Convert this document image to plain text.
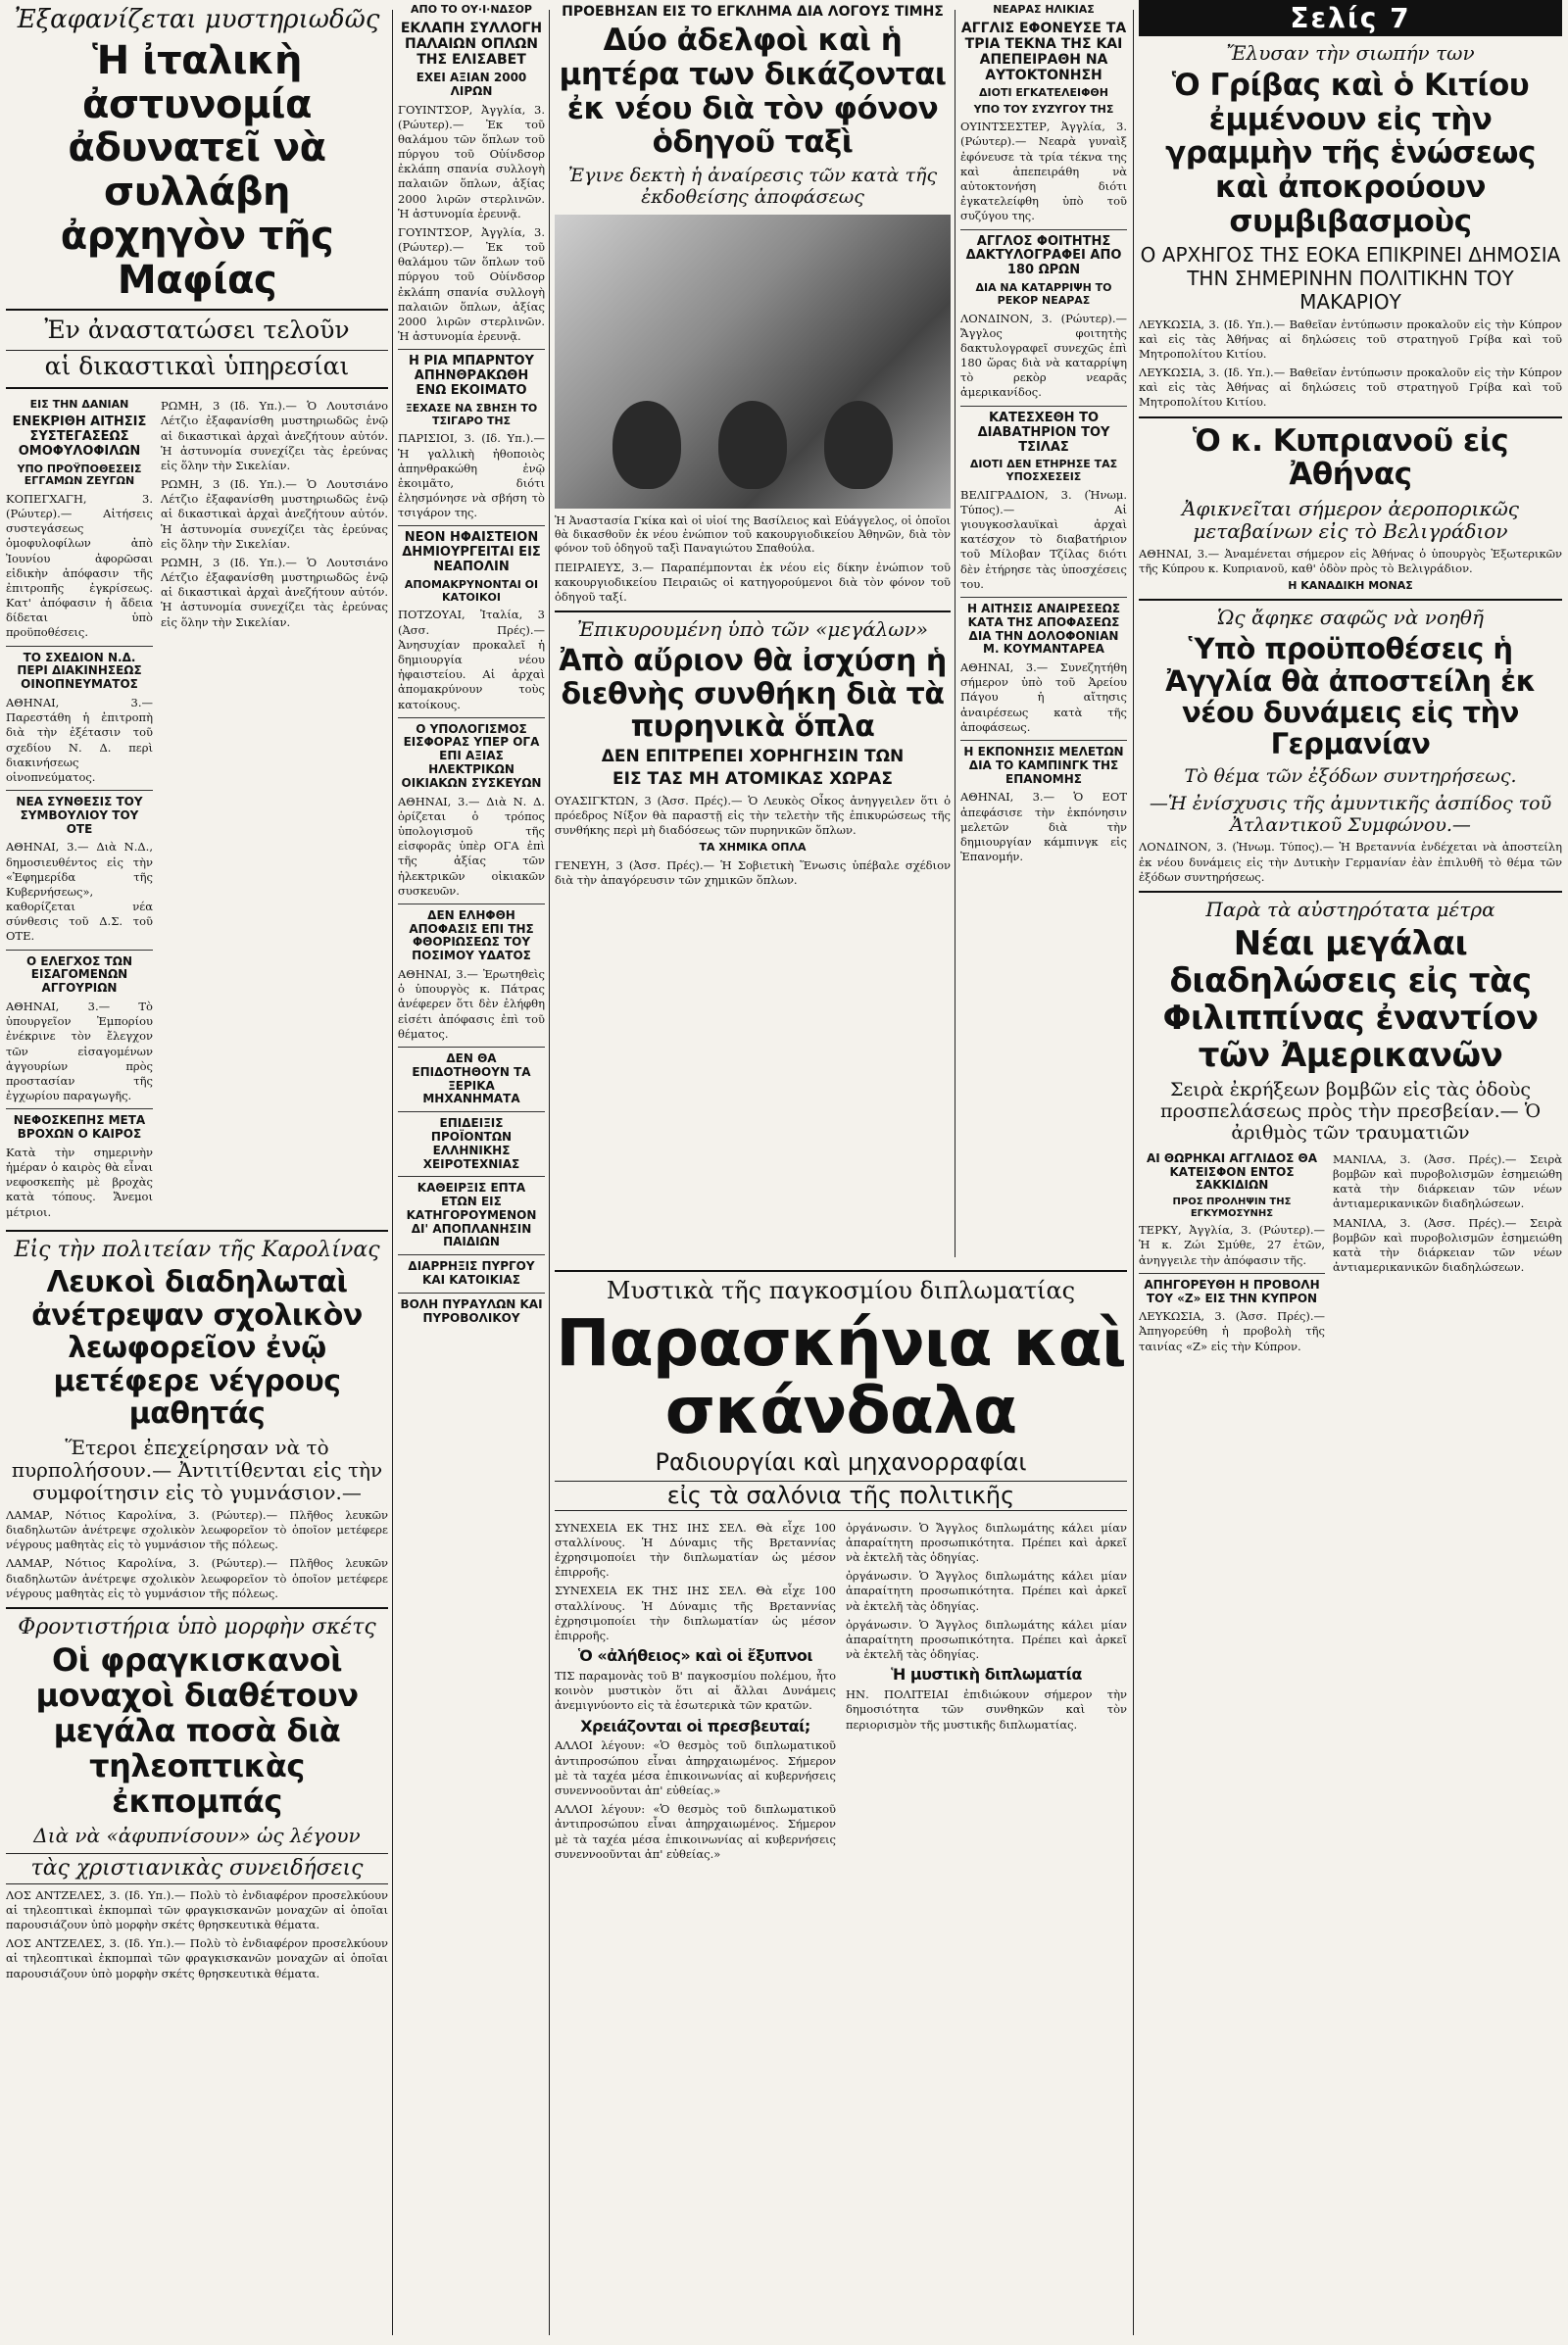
Ἐξαφανίζεται μυστηριωδῶς
Ἡ ἰταλικὴ ἀστυνομία ἀδυνατεῖ νὰ συλλάβη ἀρχηγὸν τῆς Μαφίας
Ἐν ἀναστατώσει τελοῦν
αἱ δικαστικαὶ ὑπηρεσίαι
ΕΙΣ ΤΗΝ ΔΑΝΙΑΝ
ΕΝΕΚΡΙΘΗ ΑΙΤΗΣΙΣ ΣΥΣΤΕΓΑΣΕΩΣ ΟΜΟΦΥΛΟΦΙΛΩΝ
ΥΠΟ ΠΡΟΫΠΟΘΕΣΕΙΣ ΕΓΓΑΜΩΝ ΖΕΥΓΩΝ
ΚΟΠΕΓΧΑΓΗ, 3. (Ρώυτερ).— Αἰτήσεις συστεγάσεως ὁμοφυλοφίλων ἀπὸ Ἰουνίου ἀφορῶσαι εἰδικὴν ἀπόφασιν τῆς ἐπιτροπῆς ἐγκρίσεως. Κατ' ἀπόφασιν ἡ ἄδεια δίδεται ὑπὸ προϋποθέσεις.
ΤΟ ΣΧΕΔΙΟΝ Ν.Δ. ΠΕΡΙ ΔΙΑΚΙΝΗΣΕΩΣ ΟΙΝΟΠΝΕΥΜΑΤΟΣ
ΑΘΗΝΑΙ, 3.— Παρεστάθη ἡ ἐπιτροπὴ διὰ τὴν ἐξέτασιν τοῦ σχεδίου Ν. Δ. περὶ διακινήσεως οἰνοπνεύματος.
ΝΕΑ ΣΥΝΘΕΣΙΣ ΤΟΥ ΣΥΜΒΟΥΛΙΟΥ ΤΟΥ ΟΤΕ
ΑΘΗΝΑΙ, 3.— Διὰ Ν.Δ., δημοσιευθέντος εἰς τὴν «Ἐφημερίδα τῆς Κυβερνήσεως», καθορίζεται νέα σύνθεσις τοῦ Δ.Σ. τοῦ ΟΤΕ.
Ο ΕΛΕΓΧΟΣ ΤΩΝ ΕΙΣΑΓΟΜΕΝΩΝ ΑΓΓΟΥΡΙΩΝ
ΑΘΗΝΑΙ, 3.— Τὸ ὑπουργεῖον Ἐμπορίου ἐνέκρινε τὸν ἔλεγχον τῶν εἰσαγομένων ἀγγουρίων πρὸς προστασίαν τῆς ἐγχωρίου παραγωγῆς.
ΝΕΦΟΣΚΕΠΗΣ ΜΕΤΑ ΒΡΟΧΩΝ Ο ΚΑΙΡΟΣ
Κατὰ τὴν σημερινὴν ἡμέραν ὁ καιρὸς θὰ εἶναι νεφοσκεπὴς μὲ βροχὰς κατὰ τόπους. Ἄνεμοι μέτριοι.
ΡΩΜΗ, 3 (Ιδ. Υπ.).— Ὁ Λουτσιάνο Λέτζιο ἐξαφανίσθη μυστηριωδῶς ἐνῷ αἱ δικαστικαὶ ἀρχαὶ ἀνεζήτουν αὐτόν. Ἡ ἀστυνομία συνεχίζει τὰς ἐρεύνας εἰς ὅλην τὴν Σικελίαν.
ΡΩΜΗ, 3 (Ιδ. Υπ.).— Ὁ Λουτσιάνο Λέτζιο ἐξαφανίσθη μυστηριωδῶς ἐνῷ αἱ δικαστικαὶ ἀρχαὶ ἀνεζήτουν αὐτόν. Ἡ ἀστυνομία συνεχίζει τὰς ἐρεύνας εἰς ὅλην τὴν Σικελίαν.
ΡΩΜΗ, 3 (Ιδ. Υπ.).— Ὁ Λουτσιάνο Λέτζιο ἐξαφανίσθη μυστηριωδῶς ἐνῷ αἱ δικαστικαὶ ἀρχαὶ ἀνεζήτουν αὐτόν. Ἡ ἀστυνομία συνεχίζει τὰς ἐρεύνας εἰς ὅλην τὴν Σικελίαν.
Εἰς τὴν πολιτείαν τῆς Καρολίνας
Λευκοὶ διαδηλωταὶ ἀνέτρεψαν σχολικὸν λεωφορεῖον ἐνῷ μετέφερε νέγρους μαθητάς
Ἕτεροι ἐπεχείρησαν νὰ τὸ πυρπολήσουν.— Ἀντιτίθενται εἰς τὴν συμφοίτησιν εἰς τὸ γυμνάσιον.—
ΛΑΜΑΡ, Νότιος Καρολίνα, 3. (Ρώυτερ).— Πλῆθος λευκῶν διαδηλωτῶν ἀνέτρεψε σχολικὸν λεωφορεῖον τὸ ὁποῖον μετέφερε νέγρους μαθητὰς εἰς τὸ γυμνάσιον τῆς πόλεως.
ΛΑΜΑΡ, Νότιος Καρολίνα, 3. (Ρώυτερ).— Πλῆθος λευκῶν διαδηλωτῶν ἀνέτρεψε σχολικὸν λεωφορεῖον τὸ ὁποῖον μετέφερε νέγρους μαθητὰς εἰς τὸ γυμνάσιον τῆς πόλεως.
Φροντιστήρια ὑπὸ μορφὴν σκέτς
Οἱ φραγκισκανοὶ μοναχοὶ διαθέτουν μεγάλα ποσὰ διὰ τηλεοπτικὰς ἐκπομπάς
Διὰ νὰ «ἀφυπνίσουν» ὡς λέγουν
τὰς χριστιανικὰς συνειδήσεις
ΛΟΣ ΑΝΤΖΕΛΕΣ, 3. (Ιδ. Υπ.).— Πολὺ τὸ ἐνδιαφέρον προσελκύουν αἱ τηλεοπτικαὶ ἐκπομπαὶ τῶν φραγκισκανῶν μοναχῶν αἱ ὁποῖαι παρουσιάζουν ὑπὸ μορφὴν σκέτς θρησκευτικὰ θέματα.
ΛΟΣ ΑΝΤΖΕΛΕΣ, 3. (Ιδ. Υπ.).— Πολὺ τὸ ἐνδιαφέρον προσελκύουν αἱ τηλεοπτικαὶ ἐκπομπαὶ τῶν φραγκισκανῶν μοναχῶν αἱ ὁποῖαι παρουσιάζουν ὑπὸ μορφὴν σκέτς θρησκευτικὰ θέματα.
ΑΠΟ ΤΟ ΟΥ·Ι·ΝΔΣΟΡ
ΕΚΛΑΠΗ ΣΥΛΛΟΓΗ ΠΑΛΑΙΩΝ ΟΠΛΩΝ ΤΗΣ ΕΛΙΣΑΒΕΤ
ΕΧΕΙ ΑΞΙΑΝ 2000 ΛΙΡΩΝ
ΓΟΥΙΝΤΣΟΡ, Ἀγγλία, 3. (Ρώυτερ).— Ἐκ τοῦ θαλάμου τῶν ὅπλων τοῦ πύργου τοῦ Οὐίνδσορ ἐκλάπη σπανία συλλογὴ παλαιῶν ὅπλων, ἀξίας 2000 λιρῶν στερλινῶν. Ἡ ἀστυνομία ἐρευνᾷ.
ΓΟΥΙΝΤΣΟΡ, Ἀγγλία, 3. (Ρώυτερ).— Ἐκ τοῦ θαλάμου τῶν ὅπλων τοῦ πύργου τοῦ Οὐίνδσορ ἐκλάπη σπανία συλλογὴ παλαιῶν ὅπλων, ἀξίας 2000 λιρῶν στερλινῶν. Ἡ ἀστυνομία ἐρευνᾷ.
Η ΡΙΑ ΜΠΑΡΝΤΟΥ ΑΠΗΝΘΡΑΚΩΘΗ ΕΝΩ ΕΚΟΙΜΑΤΟ
ΞΕΧΑΣΕ ΝΑ ΣΒΗΣΗ ΤΟ ΤΣΙΓΑΡΟ ΤΗΣ
ΠΑΡΙΣΙΟΙ, 3. (Ιδ. Υπ.).— Ἡ γαλλικὴ ἠθοποιὸς ἀπηνθρακώθη ἐνῷ ἐκοιμᾶτο, διότι ἐλησμόνησε νὰ σβήση τὸ τσιγάρον της.
ΝΕΟΝ ΗΦΑΙΣΤΕΙΟΝ ΔΗΜΙΟΥΡΓΕΙΤΑΙ ΕΙΣ ΝΕΑΠΟΛΙΝ
ΑΠΟΜΑΚΡΥΝΟΝΤΑΙ ΟΙ ΚΑΤΟΙΚΟΙ
ΠΟΤΖΟΥΑΙ, Ἰταλία, 3 (Ἀσσ. Πρές).— Ἀνησυχίαν προκαλεῖ ἡ δημιουργία νέου ἡφαιστείου. Αἱ ἀρχαὶ ἀπομακρύνουν τοὺς κατοίκους.
Ο ΥΠΟΛΟΓΙΣΜΟΣ ΕΙΣΦΟΡΑΣ ΥΠΕΡ ΟΓΑ ΕΠΙ ΑΞΙΑΣ ΗΛΕΚΤΡΙΚΩΝ ΟΙΚΙΑΚΩΝ ΣΥΣΚΕΥΩΝ
ΑΘΗΝΑΙ, 3.— Διὰ Ν. Δ. ὁρίζεται ὁ τρόπος ὑπολογισμοῦ τῆς εἰσφορᾶς ὑπὲρ ΟΓΑ ἐπὶ τῆς ἀξίας τῶν ἠλεκτρικῶν οἰκιακῶν συσκευῶν.
ΔΕΝ ΕΛΗΦΘΗ ΑΠΟΦΑΣΙΣ ΕΠΙ ΤΗΣ ΦΘΟΡΙΩΣΕΩΣ ΤΟΥ ΠΟΣΙΜΟΥ ΥΔΑΤΟΣ
ΑΘΗΝΑΙ, 3.— Ἐρωτηθεὶς ὁ ὑπουργὸς κ. Πάτρας ἀνέφερεν ὅτι δὲν ἐλήφθη εἰσέτι ἀπόφασις ἐπὶ τοῦ θέματος.
ΔΕΝ ΘΑ ΕΠΙΔΟΤΗΘΟΥΝ ΤΑ ΞΕΡΙΚΑ ΜΗΧΑΝΗΜΑΤΑ
ΕΠΙΔΕΙΞΙΣ ΠΡΟΪΟΝΤΩΝ ΕΛΛΗΝΙΚΗΣ ΧΕΙΡΟΤΕΧΝΙΑΣ
ΚΑΘΕΙΡΞΙΣ ΕΠΤΑ ΕΤΩΝ ΕΙΣ ΚΑΤΗΓΟΡΟΥΜΕΝΟΝ ΔΙ' ΑΠΟΠΛΑΝΗΣΙΝ ΠΑΙΔΙΩΝ
ΔΙΑΡΡΗΞΙΣ ΠΥΡΓΟΥ ΚΑΙ ΚΑΤΟΙΚΙΑΣ
ΒΟΛΗ ΠΥΡΑΥΛΩΝ ΚΑΙ ΠΥΡΟΒΟΛΙΚΟΥ
ΠΡΟΕΒΗΣΑΝ ΕΙΣ ΤΟ ΕΓΚΛΗΜΑ ΔΙΑ ΛΟΓΟΥΣ ΤΙΜΗΣ
Δύο ἀδελφοὶ καὶ ἡ μητέρα των δικάζονται ἐκ νέου διὰ τὸν φόνον ὁδηγοῦ ταξὶ
Ἐγινε δεκτὴ ἡ ἀναίρεσις τῶν κατὰ τῆς ἐκδοθείσης ἀποφάσεως
Ἡ Ἀναστασία Γκίκα καὶ οἱ υἱοί της Βασίλειος καὶ Εὐάγγελος, οἱ ὁποῖοι θὰ δικασθοῦν ἐκ νέου ἐνώπιον τοῦ κακουργιοδικείου Ἀθηνῶν, διὰ τὸν φόνον τοῦ ὁδηγοῦ ταξὶ Παναγιώτου Σπαθούλα.
ΠΕΙΡΑΙΕΥΣ, 3.— Παραπέμπονται ἐκ νέου εἰς δίκην ἐνώπιον τοῦ κακουργιοδικείου Πειραιῶς οἱ κατηγορούμενοι διὰ τὸν φόνον τοῦ ὁδηγοῦ ταξί.
Ἐπικυρουμένη ὑπὸ τῶν «μεγάλων»
Ἀπὸ αὔριον θὰ ἰσχύση ἡ διεθνὴς συνθήκη διὰ τὰ πυρηνικὰ ὅπλα
ΔΕΝ ΕΠΙΤΡΕΠΕΙ ΧΟΡΗΓΗΣΙΝ ΤΩΝ
ΕΙΣ ΤΑΣ ΜΗ ΑΤΟΜΙΚΑΣ ΧΩΡΑΣ
ΟΥΑΣΙΓΚΤΩΝ, 3 (Ἀσσ. Πρές).— Ὁ Λευκὸς Οἶκος ἀνηγγειλεν ὅτι ὁ πρόεδρος Νίξον θὰ παραστῇ εἰς τὴν τελετὴν τῆς ἐπικυρώσεως τῆς συνθήκης περὶ μὴ διαδόσεως τῶν πυρηνικῶν ὅπλων.
ΤΑ ΧΗΜΙΚΑ ΟΠΛΑ
ΓΕΝΕΥΗ, 3 (Ἀσσ. Πρές).— Ἡ Σοβιετικὴ Ἕνωσις ὑπέβαλε σχέδιον διὰ τὴν ἀπαγόρευσιν τῶν χημικῶν ὅπλων.
ΝΕΑΡΑΣ ΗΛΙΚΙΑΣ
ΑΓΓΛΙΣ ΕΦΟΝΕΥΣΕ ΤΑ ΤΡΙΑ ΤΕΚΝΑ ΤΗΣ ΚΑΙ ΑΠΕΠΕΙΡΑΘΗ ΝΑ ΑΥΤΟΚΤΟΝΗΣΗ
ΔΙΟΤΙ ΕΓΚΑΤΕΛΕΙΦΘΗ
ΥΠΟ ΤΟΥ ΣΥΖΥΓΟΥ ΤΗΣ
ΟΥΙΝΤΣΕΣΤΕΡ, Ἀγγλία, 3. (Ρώυτερ).— Νεαρὰ γυναὶξ ἐφόνευσε τὰ τρία τέκνα της καὶ ἀπεπειράθη νὰ αὐτοκτονήση διότι ἐγκατελείφθη ὑπὸ τοῦ συζύγου της.
ΑΓΓΛΟΣ ΦΟΙΤΗΤΗΣ ΔΑΚΤΥΛΟΓΡΑΦΕΙ ΑΠΟ 180 ΩΡΩΝ
ΔΙΑ ΝΑ ΚΑΤΑΡΡΙΨΗ ΤΟ ΡΕΚΟΡ ΝΕΑΡΑΣ
ΛΟΝΔΙΝΟΝ, 3. (Ρώυτερ).— Ἄγγλος φοιτητὴς δακτυλογραφεῖ συνεχῶς ἐπὶ 180 ὥρας διὰ νὰ καταρρίψη τὸ ρεκὸρ νεαρᾶς ἀμερικανίδος.
ΚΑΤΕΣΧΕΘΗ ΤΟ ΔΙΑΒΑΤΗΡΙΟΝ ΤΟΥ ΤΣΙΛΑΣ
ΔΙΟΤΙ ΔΕΝ ΕΤΗΡΗΣΕ ΤΑΣ ΥΠΟΣΧΕΣΕΙΣ
ΒΕΛΙΓΡΑΔΙΟΝ, 3. (Ἠνωμ. Τύπος).— Αἱ γιουγκοσλαυϊκαὶ ἀρχαὶ κατέσχον τὸ διαβατήριον τοῦ Μίλοβαν Τζίλας διότι δὲν ἐτήρησε τὰς ὑποσχέσεις του.
Η ΑΙΤΗΣΙΣ ΑΝΑΙΡΕΣΕΩΣ ΚΑΤΑ ΤΗΣ ΑΠΟΦΑΣΕΩΣ ΔΙΑ ΤΗΝ ΔΟΛΟΦΟΝΙΑΝ Μ. ΚΟΥΜΑΝΤΑΡΕΑ
ΑΘΗΝΑΙ, 3.— Συνεζητήθη σήμερον ὑπὸ τοῦ Ἀρείου Πάγου ἡ αἴτησις ἀναιρέσεως κατὰ τῆς ἀποφάσεως.
Η ΕΚΠΟΝΗΣΙΣ ΜΕΛΕΤΩΝ ΔΙΑ ΤΟ ΚΑΜΠΙΝΓΚ ΤΗΣ ΕΠΑΝΟΜΗΣ
ΑΘΗΝΑΙ, 3.— Ὁ ΕΟΤ ἀπεφάσισε τὴν ἐκπόνησιν μελετῶν διὰ τὴν δημιουργίαν κάμπινγκ εἰς Ἐπανομήν.
Μυστικὰ τῆς παγκοσμίου διπλωματίας
Παρασκήνια καὶ σκάνδαλα
Ραδιουργίαι καὶ μηχανορραφίαι
εἰς τὰ σαλόνια τῆς πολιτικῆς
ΣΥΝΕΧΕΙΑ ΕΚ ΤΗΣ ΙΗΣ ΣΕΛ. Θὰ εἶχε 100 σταλλίνους. Ἡ Δύναμις τῆς Βρεταννίας ἐχρησιμοποίει τὴν διπλωματίαν ὡς μέσον ἐπιρροῆς.
ΣΥΝΕΧΕΙΑ ΕΚ ΤΗΣ ΙΗΣ ΣΕΛ. Θὰ εἶχε 100 σταλλίνους. Ἡ Δύναμις τῆς Βρεταννίας ἐχρησιμοποίει τὴν διπλωματίαν ὡς μέσον ἐπιρροῆς.
Ὁ «ἀλήθειος» καὶ οἱ ἔξυπνοι
ΤΙΣ παραμονὰς τοῦ Β' παγκοσμίου πολέμου, ἦτο κοινὸν μυστικὸν ὅτι αἱ ἄλλαι Δυνάμεις ἀνεμιγνύοντο εἰς τὰ ἐσωτερικὰ τῶν κρατῶν.
Χρειάζονται οἱ πρεσβευταί;
ΑΛΛΟΙ λέγουν: «Ὁ θεσμὸς τοῦ διπλωματικοῦ ἀντιπροσώπου εἶναι ἀπηρχαιωμένος. Σήμερον μὲ τὰ ταχέα μέσα ἐπικοινωνίας αἱ κυβερνήσεις συνεννοοῦνται ἀπ' εὐθείας.»
ΑΛΛΟΙ λέγουν: «Ὁ θεσμὸς τοῦ διπλωματικοῦ ἀντιπροσώπου εἶναι ἀπηρχαιωμένος. Σήμερον μὲ τὰ ταχέα μέσα ἐπικοινωνίας αἱ κυβερνήσεις συνεννοοῦνται ἀπ' εὐθείας.»
ὀργάνωσιν. Ὁ Ἄγγλος διπλωμάτης κάλει μίαν ἀπαραίτητη προσωπικότητα. Πρέπει καὶ ἀρκεῖ νὰ ἐκτελῆ τὰς ὁδηγίας.
ὀργάνωσιν. Ὁ Ἄγγλος διπλωμάτης κάλει μίαν ἀπαραίτητη προσωπικότητα. Πρέπει καὶ ἀρκεῖ νὰ ἐκτελῆ τὰς ὁδηγίας.
ὀργάνωσιν. Ὁ Ἄγγλος διπλωμάτης κάλει μίαν ἀπαραίτητη προσωπικότητα. Πρέπει καὶ ἀρκεῖ νὰ ἐκτελῆ τὰς ὁδηγίας.
Ἡ μυστικὴ διπλωματία
ΗΝ. ΠΟΛΙΤΕΙΑΙ ἐπιδιώκουν σήμερον τὴν δημοσιότητα τῶν συνθηκῶν καὶ τὸν περιορισμὸν τῆς μυστικῆς διπλωματίας.
Σελίς 7
Ἔλυσαν τὴν σιωπήν των
Ὁ Γρίβας καὶ ὁ Κιτίου ἐμμένουν εἰς τὴν γραμμὴν τῆς ἑνώσεως καὶ ἀποκρούουν συμβιβασμοὺς
Ο ΑΡΧΗΓΟΣ ΤΗΣ ΕΟΚΑ ΕΠΙΚΡΙΝΕΙ ΔΗΜΟΣΙΑ ΤΗΝ ΣΗΜΕΡΙΝΗΝ ΠΟΛΙΤΙΚΗΝ ΤΟΥ ΜΑΚΑΡΙΟΥ
ΛΕΥΚΩΣΙΑ, 3. (Ιδ. Υπ.).— Βαθεῖαν ἐντύπωσιν προκαλοῦν εἰς τὴν Κύπρον καὶ εἰς τὰς Ἀθήνας αἱ δηλώσεις τοῦ στρατηγοῦ Γρίβα καὶ τοῦ Μητροπολίτου Κιτίου.
ΛΕΥΚΩΣΙΑ, 3. (Ιδ. Υπ.).— Βαθεῖαν ἐντύπωσιν προκαλοῦν εἰς τὴν Κύπρον καὶ εἰς τὰς Ἀθήνας αἱ δηλώσεις τοῦ στρατηγοῦ Γρίβα καὶ τοῦ Μητροπολίτου Κιτίου.
Ὁ κ. Κυπριανοῦ εἰς Ἀθήνας
Ἀφικνεῖται σήμερον ἀεροπορικῶς μεταβαίνων εἰς τὸ Βελιγράδιον
ΑΘΗΝΑΙ, 3.— Ἀναμένεται σήμερον εἰς Ἀθήνας ὁ ὑπουργὸς Ἐξωτερικῶν τῆς Κύπρου κ. Κυπριανοῦ, καθ' ὁδὸν πρὸς τὸ Βελιγράδιον.
Η ΚΑΝΑΔΙΚΗ ΜΟΝΑΣ
Ὡς ἄφηκε σαφῶς νὰ νοηθῆ
Ὑπὸ προϋποθέσεις ἡ Ἀγγλία θὰ ἀποστείλη ἐκ νέου δυνάμεις εἰς τὴν Γερμανίαν
Τὸ θέμα τῶν ἐξόδων συντηρήσεως.
—Ἡ ἐνίσχυσις τῆς ἀμυντικῆς ἀσπίδος τοῦ Ἀτλαντικοῦ Συμφώνου.—
ΛΟΝΔΙΝΟΝ, 3. (Ἠνωμ. Τύπος).— Ἡ Βρεταννία ἐνδέχεται νὰ ἀποστείλη ἐκ νέου δυνάμεις εἰς τὴν Δυτικὴν Γερμανίαν ἐὰν ἐπιλυθῆ τὸ θέμα τῶν ἐξόδων συντηρήσεως.
Παρὰ τὰ αὐστηρότατα μέτρα
Νέαι μεγάλαι διαδηλώσεις εἰς τὰς Φιλιππίνας ἐναντίον τῶν Ἀμερικανῶν
Σειρὰ ἐκρήξεων βομβῶν εἰς τὰς ὁδοὺς προσπελάσεως πρὸς τὴν πρεσβείαν.— Ὁ ἀριθμὸς τῶν τραυματιῶν
ΑΙ ΘΩΡΗΚΑΙ ΑΓΓΛΙΔΟΣ ΘΑ ΚΑΤΕΙΣΦΟΝ ΕΝΤΟΣ ΣΑΚΚΙΔΙΩΝ
ΠΡΟΣ ΠΡΟΛΗΨΙΝ ΤΗΣ ΕΓΚΥΜΟΣΥΝΗΣ
ΤΕΡΚΥ, Ἀγγλία, 3. (Ρώυτερ).— Ἡ κ. Ζώι Σμύθε, 27 ἐτῶν, ἀνηγγειλε τὴν ἀπόφασιν τῆς.
ΑΠΗΓΟΡΕΥΘΗ Η ΠΡΟΒΟΛΗ ΤΟΥ «Ζ» ΕΙΣ ΤΗΝ ΚΥΠΡΟΝ
ΛΕΥΚΩΣΙΑ, 3. (Ἀσσ. Πρές).— Ἀπηγορεύθη ἡ προβολὴ τῆς ταινίας «Ζ» εἰς τὴν Κύπρον.
ΜΑΝΙΛΑ, 3. (Ἀσσ. Πρές).— Σειρὰ βομβῶν καὶ πυροβολισμῶν ἐσημειώθη κατὰ τὴν διάρκειαν τῶν νέων ἀντιαμερικανικῶν διαδηλώσεων.
ΜΑΝΙΛΑ, 3. (Ἀσσ. Πρές).— Σειρὰ βομβῶν καὶ πυροβολισμῶν ἐσημειώθη κατὰ τὴν διάρκειαν τῶν νέων ἀντιαμερικανικῶν διαδηλώσεων.
